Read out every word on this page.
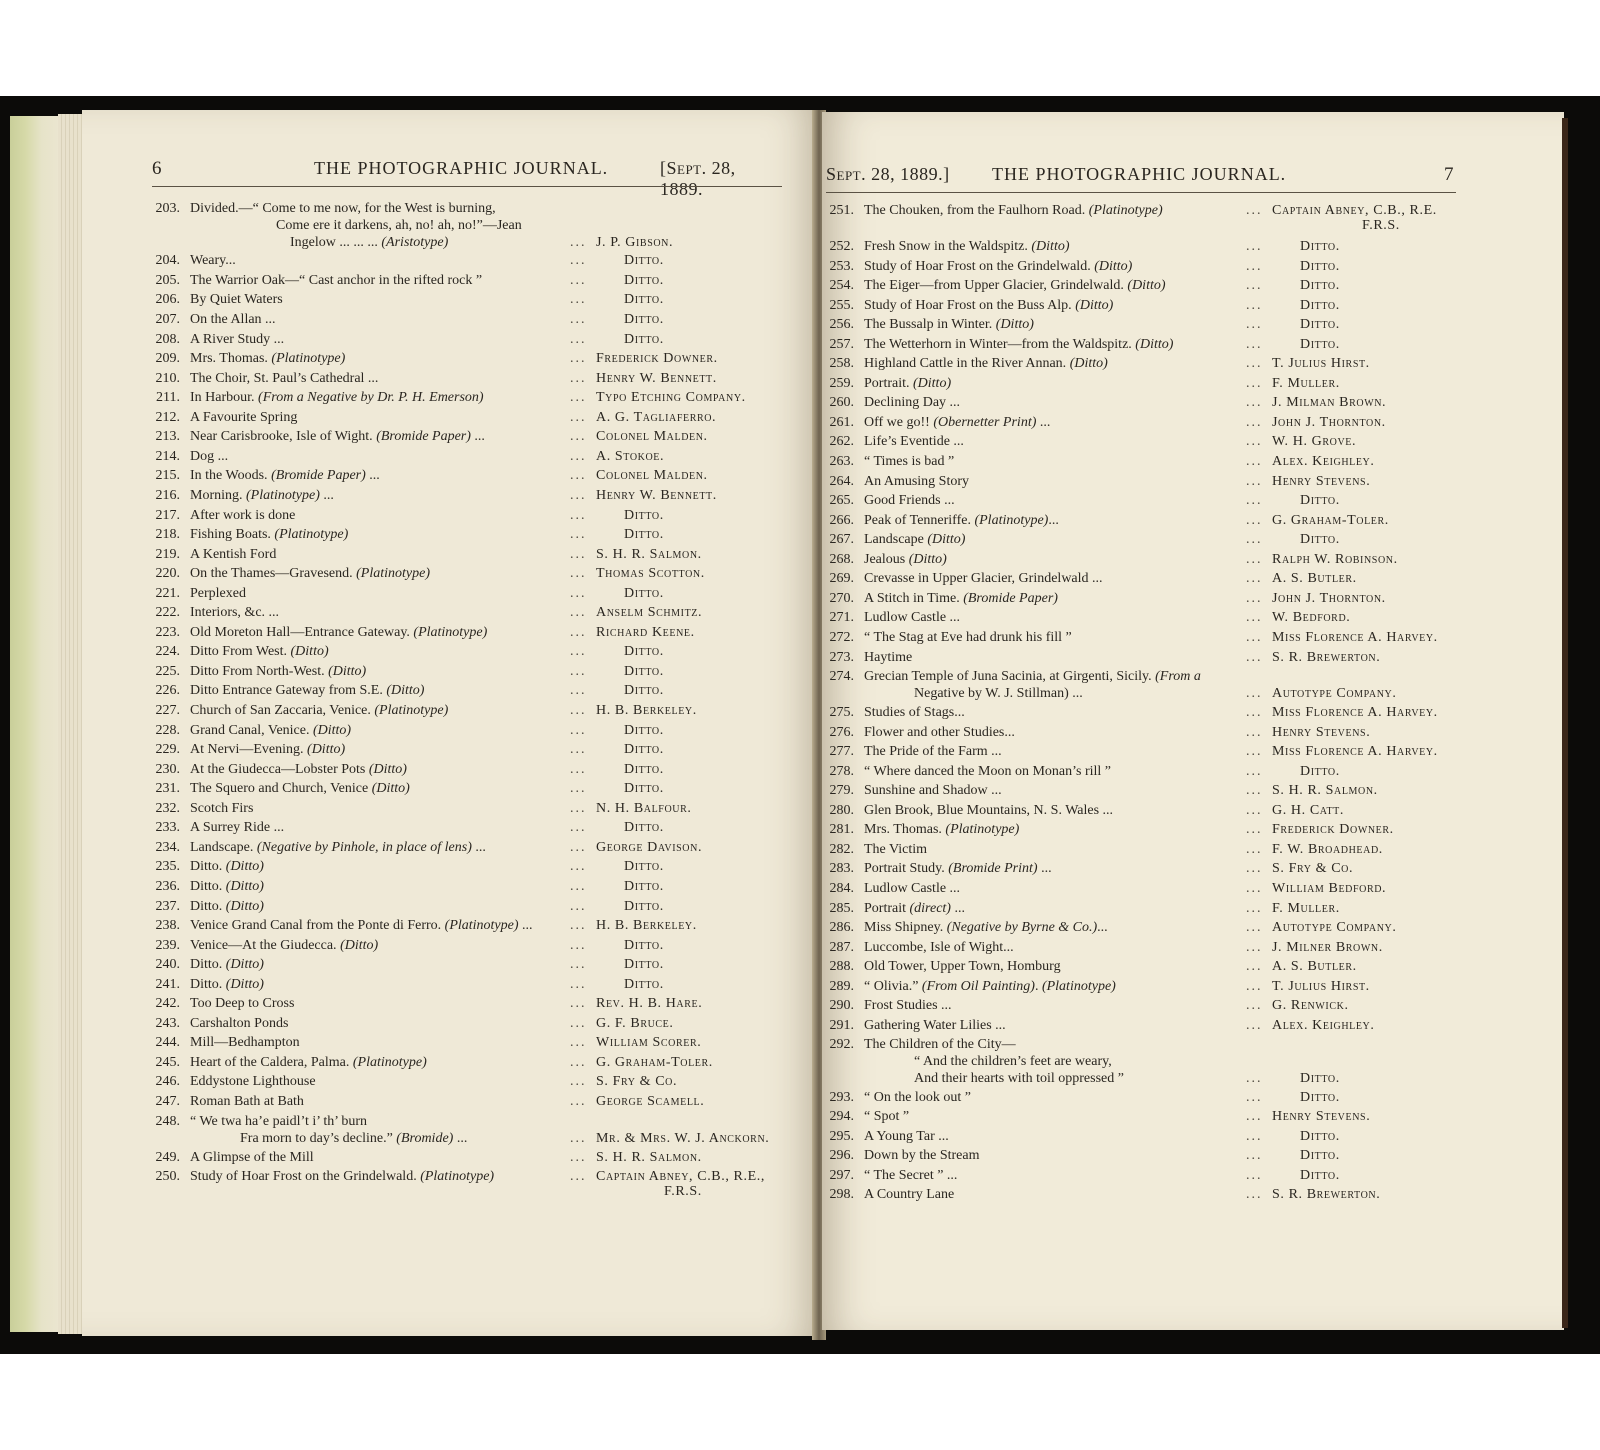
6	THE PHOTOGRAPHIC JOURNAL.	[Sept. 28, 1889.
203. Divided.—“ Come to me now, for the West is burning,
Come ere it darkens, ah, no! ah, no!”—Jean
Ingelow ... ... ... (Aristotype)	... J. P. Gibson.
204. Weary...	...	Ditto.
205. The Warrior Oak—“ Cast anchor in the rifted rock ”	...	Ditto.
206. By Quiet Waters	...	Ditto.
207. On the Allan ...	...	Ditto.
208. A River Study ...	...	Ditto.
209. Mrs. Thomas. (Platinotype)	... Frederick Downer.
210. The Choir, St. Paul’s Cathedral ...	... Henry W. Bennett.
211. In Harbour. (From a Negative by Dr. P. H. Emerson)	... Typo Etching Company.
212. A Favourite Spring	... A. G. Tagliaferro.
213. Near Carisbrooke, Isle of Wight. (Bromide Paper) ...	... Colonel Malden.
214. Dog ...	... A. Stokoe.
215. In the Woods. (Bromide Paper) ...	... Colonel Malden.
216. Morning. (Platinotype) ...	... Henry W. Bennett.
217. After work is done	...	Ditto.
218. Fishing Boats. (Platinotype)	...	Ditto.
219. A Kentish Ford	... S. H. R. Salmon.
220. On the Thames—Gravesend. (Platinotype)	... Thomas Scotton.
221. Perplexed	...	Ditto.
222. Interiors, &c. ...	... Anselm Schmitz.
223. Old Moreton Hall—Entrance Gateway. (Platinotype)	... Richard Keene.
224. Ditto From West. (Ditto)	...	Ditto.
225. Ditto From North-West. (Ditto)	...	Ditto.
226. Ditto Entrance Gateway from S.E. (Ditto)	...	Ditto.
227. Church of San Zaccaria, Venice. (Platinotype)	... H. B. Berkeley.
228. Grand Canal, Venice. (Ditto)	...	Ditto.
229. At Nervi—Evening. (Ditto)	...	Ditto.
230. At the Giudecca—Lobster Pots (Ditto)	...	Ditto.
231. The Squero and Church, Venice (Ditto)	...	Ditto.
232. Scotch Firs	... N. H. Balfour.
233. A Surrey Ride ...	...	Ditto.
234. Landscape. (Negative by Pinhole, in place of lens) ...	... George Davison.
235. Ditto. (Ditto)	...	Ditto.
236. Ditto. (Ditto)	...	Ditto.
237. Ditto. (Ditto)	...	Ditto.
238. Venice Grand Canal from the Ponte di Ferro. (Platinotype) ...	... H. B. Berkeley.
239. Venice—At the Giudecca. (Ditto)	...	Ditto.
240. Ditto. (Ditto)	...	Ditto.
241. Ditto. (Ditto)	...	Ditto.
242. Too Deep to Cross	... Rev. H. B. Hare.
243. Carshalton Ponds	... G. F. Bruce.
244. Mill—Bedhampton	... William Scorer.
245. Heart of the Caldera, Palma. (Platinotype)	... G. Graham-Toler.
246. Eddystone Lighthouse	... S. Fry & Co.
247. Roman Bath at Bath	... George Scamell.
248. “ We twa ha’e paidl’t i’ th’ burn
Fra morn to day’s decline.” (Bromide) ...	... Mr. & Mrs. W. J. Anckorn.
249. A Glimpse of the Mill	... S. H. R. Salmon.
250. Study of Hoar Frost on the Grindelwald. (Platinotype)	... Captain Abney, C.B., R.E.,
F.R.S.
Sept. 28, 1889.] THE PHOTOGRAPHIC JOURNAL.	7
251. The Chouken, from the Faulhorn Road. (Platinotype)	... Captain Abney, C.B., R.E.
F.R.S.
252. Fresh Snow in the Waldspitz. (Ditto)	...	Ditto.
253. Study of Hoar Frost on the Grindelwald. (Ditto)	...	Ditto.
254. The Eiger—from Upper Glacier, Grindelwald. (Ditto)	...	Ditto.
255. Study of Hoar Frost on the Buss Alp. (Ditto)	...	Ditto.
256. The Bussalp in Winter. (Ditto)	...	Ditto.
257. The Wetterhorn in Winter—from the Waldspitz. (Ditto)	...	Ditto.
258. Highland Cattle in the River Annan. (Ditto)	... T. Julius Hirst.
259. Portrait. (Ditto)	... F. Muller.
260. Declining Day ...	... J. Milman Brown.
261. Off we go!! (Obernetter Print) ...	... John J. Thornton.
262. Life’s Eventide ...	... W. H. Grove.
263. “ Times is bad ”	... Alex. Keighley.
264. An Amusing Story	... Henry Stevens.
265. Good Friends ...	...	Ditto.
266. Peak of Tenneriffe. (Platinotype)...	... G. Graham-Toler.
267. Landscape (Ditto)	...	Ditto.
268. Jealous (Ditto)	... Ralph W. Robinson.
269. Crevasse in Upper Glacier, Grindelwald ...	... A. S. Butler.
270. A Stitch in Time. (Bromide Paper)	... John J. Thornton.
271. Ludlow Castle ...	... W. Bedford.
272. “ The Stag at Eve had drunk his fill ”	... Miss Florence A. Harvey.
273. Haytime	... S. R. Brewerton.
274. Grecian Temple of Juna Sacinia, at Girgenti, Sicily. (From a
Negative by W. J. Stillman) ...	... Autotype Company.
275. Studies of Stags...	... Miss Florence A. Harvey.
276. Flower and other Studies...	... Henry Stevens.
277. The Pride of the Farm ...	... Miss Florence A. Harvey.
278. “ Where danced the Moon on Monan’s rill ”	...	Ditto.
279. Sunshine and Shadow ...	... S. H. R. Salmon.
280. Glen Brook, Blue Mountains, N. S. Wales ...	... G. H. Catt.
281. Mrs. Thomas. (Platinotype)	... Frederick Downer.
282. The Victim	... F. W. Broadhead.
283. Portrait Study. (Bromide Print) ...	... S. Fry & Co.
284. Ludlow Castle ...	... William Bedford.
285. Portrait (direct) ...	... F. Muller.
286. Miss Shipney. (Negative by Byrne & Co.)...	... Autotype Company.
287. Luccombe, Isle of Wight...	... J. Milner Brown.
288. Old Tower, Upper Town, Homburg	... A. S. Butler.
289. “ Olivia.” (From Oil Painting). (Platinotype)	... T. Julius Hirst.
290. Frost Studies ...	... G. Renwick.
291. Gathering Water Lilies ...	... Alex. Keighley.
292. The Children of the City—
“ And the children’s feet are weary,
And their hearts with toil oppressed ”	...	Ditto.
293. “ On the look out ”	...	Ditto.
294. “ Spot ”	... Henry Stevens.
295. A Young Tar ...	...	Ditto.
296. Down by the Stream	...	Ditto.
297. “ The Secret ” ...	...	Ditto.
298. A Country Lane	... S. R. Brewerton.
